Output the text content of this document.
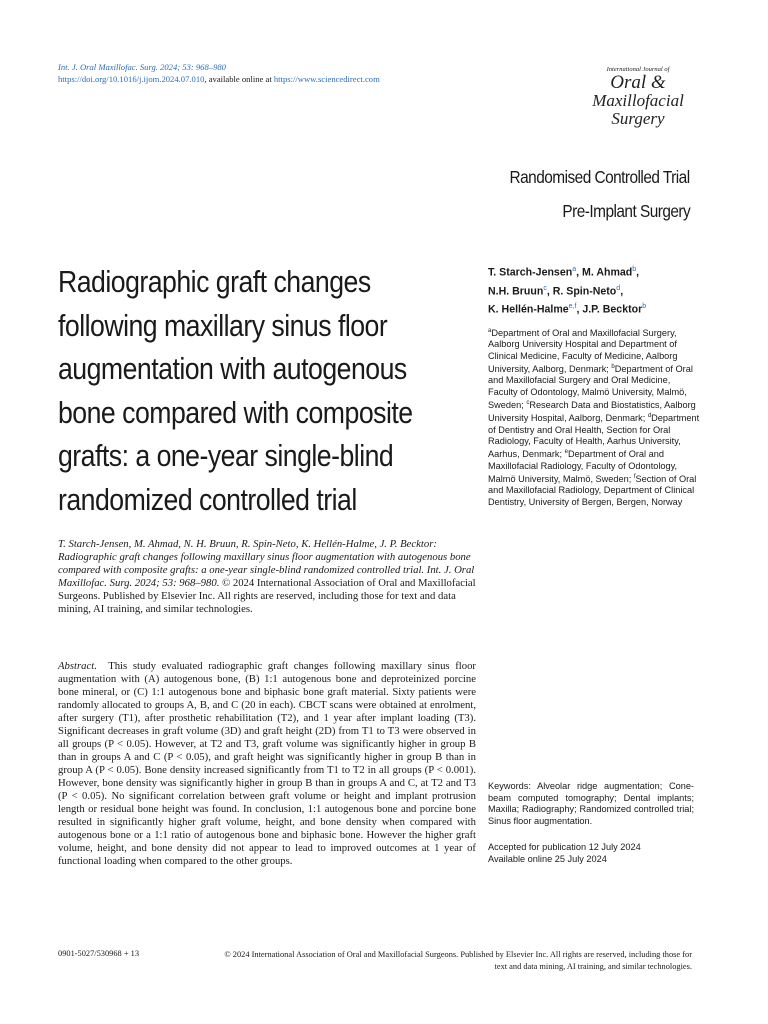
Int. J. Oral Maxillofac. Surg. 2024; 53: 968–980
https://doi.org/10.1016/j.ijom.2024.07.010, available online at https://www.sciencedirect.com
International Journal of
Oral &
Maxillofacial
Surgery
Randomised Controlled Trial
Pre-Implant Surgery
Radiographic graft changes
following maxillary sinus floor
augmentation with autogenous
bone compared with composite
grafts: a one-year single-blind
randomized controlled trial
T. Starch-Jensen$^a$, M. Ahmad$^b$,
N.H. Bruun$^c$, R. Spin-Neto$^d$,
K. Hellén-Halme$^{e,f}$, J.P. Becktor$^b$
$^a$Department of Oral and Maxillofacial Surgery, Aalborg University Hospital and Department of Clinical Medicine, Faculty of Medicine, Aalborg University, Aalborg, Denmark; $^b$Department of Oral and Maxillofacial Surgery and Oral Medicine, Faculty of Odontology, Malmö University, Malmö, Sweden; $^c$Research Data and Biostatistics, Aalborg University Hospital, Aalborg, Denmark; $^d$Department of Dentistry and Oral Health, Section for Oral Radiology, Faculty of Health, Aarhus University, Aarhus, Denmark; $^e$Department of Oral and Maxillofacial Radiology, Faculty of Odontology, Malmö University, Malmö, Sweden; $^f$Section of Oral and Maxillofacial Radiology, Department of Clinical Dentistry, University of Bergen, Bergen, Norway
T. Starch-Jensen, M. Ahmad, N. H. Bruun, R. Spin-Neto, K. Hellén-Halme, J. P. Becktor: Radiographic graft changes following maxillary sinus floor augmentation with autogenous bone compared with composite grafts: a one-year single-blind randomized controlled trial. Int. J. Oral Maxillofac. Surg. 2024; 53: 968–980. © 2024 International Association of Oral and Maxillofacial Surgeons. Published by Elsevier Inc. All rights are reserved, including those for text and data mining, AI training, and similar technologies.
Abstract. This study evaluated radiographic graft changes following maxillary sinus floor augmentation with (A) autogenous bone, (B) 1:1 autogenous bone and deproteinized porcine bone mineral, or (C) 1:1 autogenous bone and biphasic bone graft material. Sixty patients were randomly allocated to groups A, B, and C (20 in each). CBCT scans were obtained at enrolment, after surgery (T1), after prosthetic rehabilitation (T2), and 1 year after implant loading (T3). Significant decreases in graft volume (3D) and graft height (2D) from T1 to T3 were observed in all groups (P < 0.05). However, at T2 and T3, graft volume was significantly higher in group B than in groups A and C (P < 0.05), and graft height was significantly higher in group B than in group A (P < 0.05). Bone density increased significantly from T1 to T2 in all groups (P < 0.001). However, bone density was significantly higher in group B than in groups A and C, at T2 and T3 (P < 0.05). No significant correlation between graft volume or height and implant protrusion length or residual bone height was found. In conclusion, 1:1 autogenous bone and porcine bone resulted in significantly higher graft volume, height, and bone density when compared with autogenous bone or a 1:1 ratio of autogenous bone and biphasic bone. However the higher graft volume, height, and bone density did not appear to lead to improved outcomes at 1 year of functional loading when compared to the other groups.
Keywords: Alveolar ridge augmentation; Cone-beam computed tomography; Dental implants; Maxilla; Radiography; Randomized controlled trial; Sinus floor augmentation.
Accepted for publication 12 July 2024
Available online 25 July 2024
0901-5027/530968 + 13	© 2024 International Association of Oral and Maxillofacial Surgeons. Published by Elsevier Inc. All rights are reserved, including those for text and data mining, AI training, and similar technologies.
